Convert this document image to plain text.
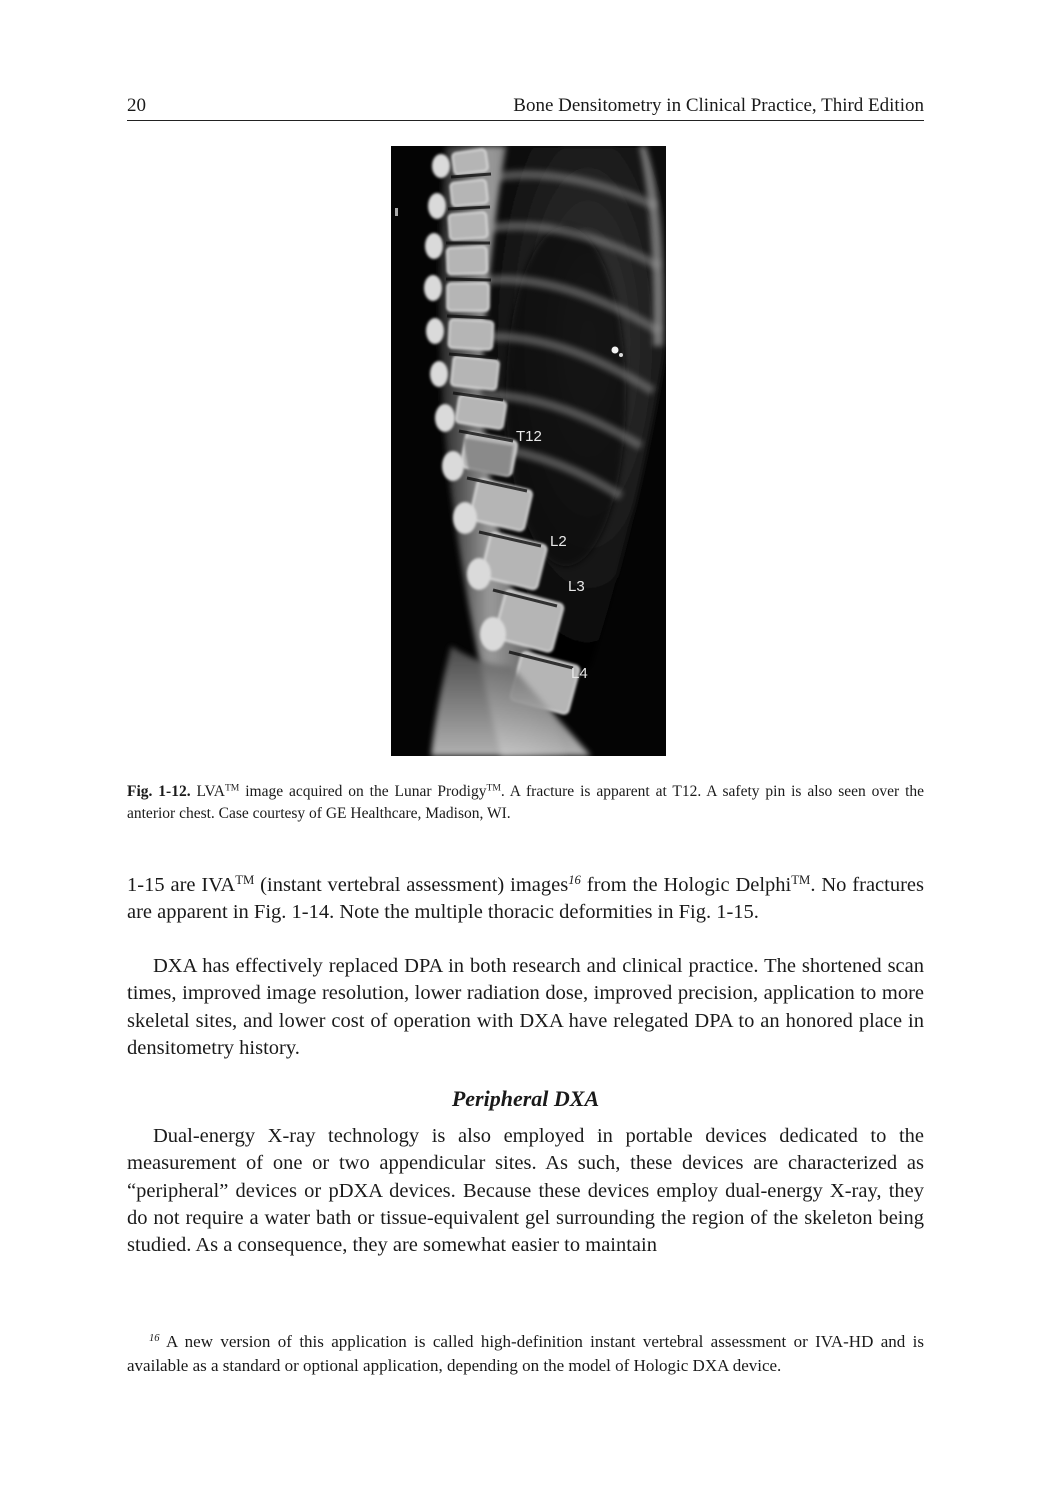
20	Bone Densitometry in Clinical Practice, Third Edition
T12
L2
L3
L4
Fig. 1-12. LVA™ image acquired on the Lunar Prodigy™. A fracture is apparent at T12. A safety pin is also seen over the anterior chest. Case courtesy of GE Healthcare, Madison, WI.

1-15 are IVA™ (instant vertebral assessment) images$^{16}$ from the Hologic Delphi™. No fractures are apparent in Fig. 1-14. Note the multiple thoracic deformities in Fig. 1-15.

DXA has effectively replaced DPA in both research and clinical practice. The shortened scan times, improved image resolution, lower radiation dose, improved precision, application to more skeletal sites, and lower cost of operation with DXA have relegated DPA to an honored place in densitometry history.

Peripheral DXA

Dual-energy X-ray technology is also employed in portable devices dedicated to the measurement of one or two appendicular sites. As such, these devices are characterized as “peripheral” devices or pDXA devices. Because these devices employ dual-energy X-ray, they do not require a water bath or tissue-equivalent gel surrounding the region of the skeleton being studied. As a consequence, they are somewhat easier to maintain

$^{16}$ A new version of this application is called high-definition instant vertebral assessment or IVA-HD and is available as a standard or optional application, depending on the model of Hologic DXA device.
